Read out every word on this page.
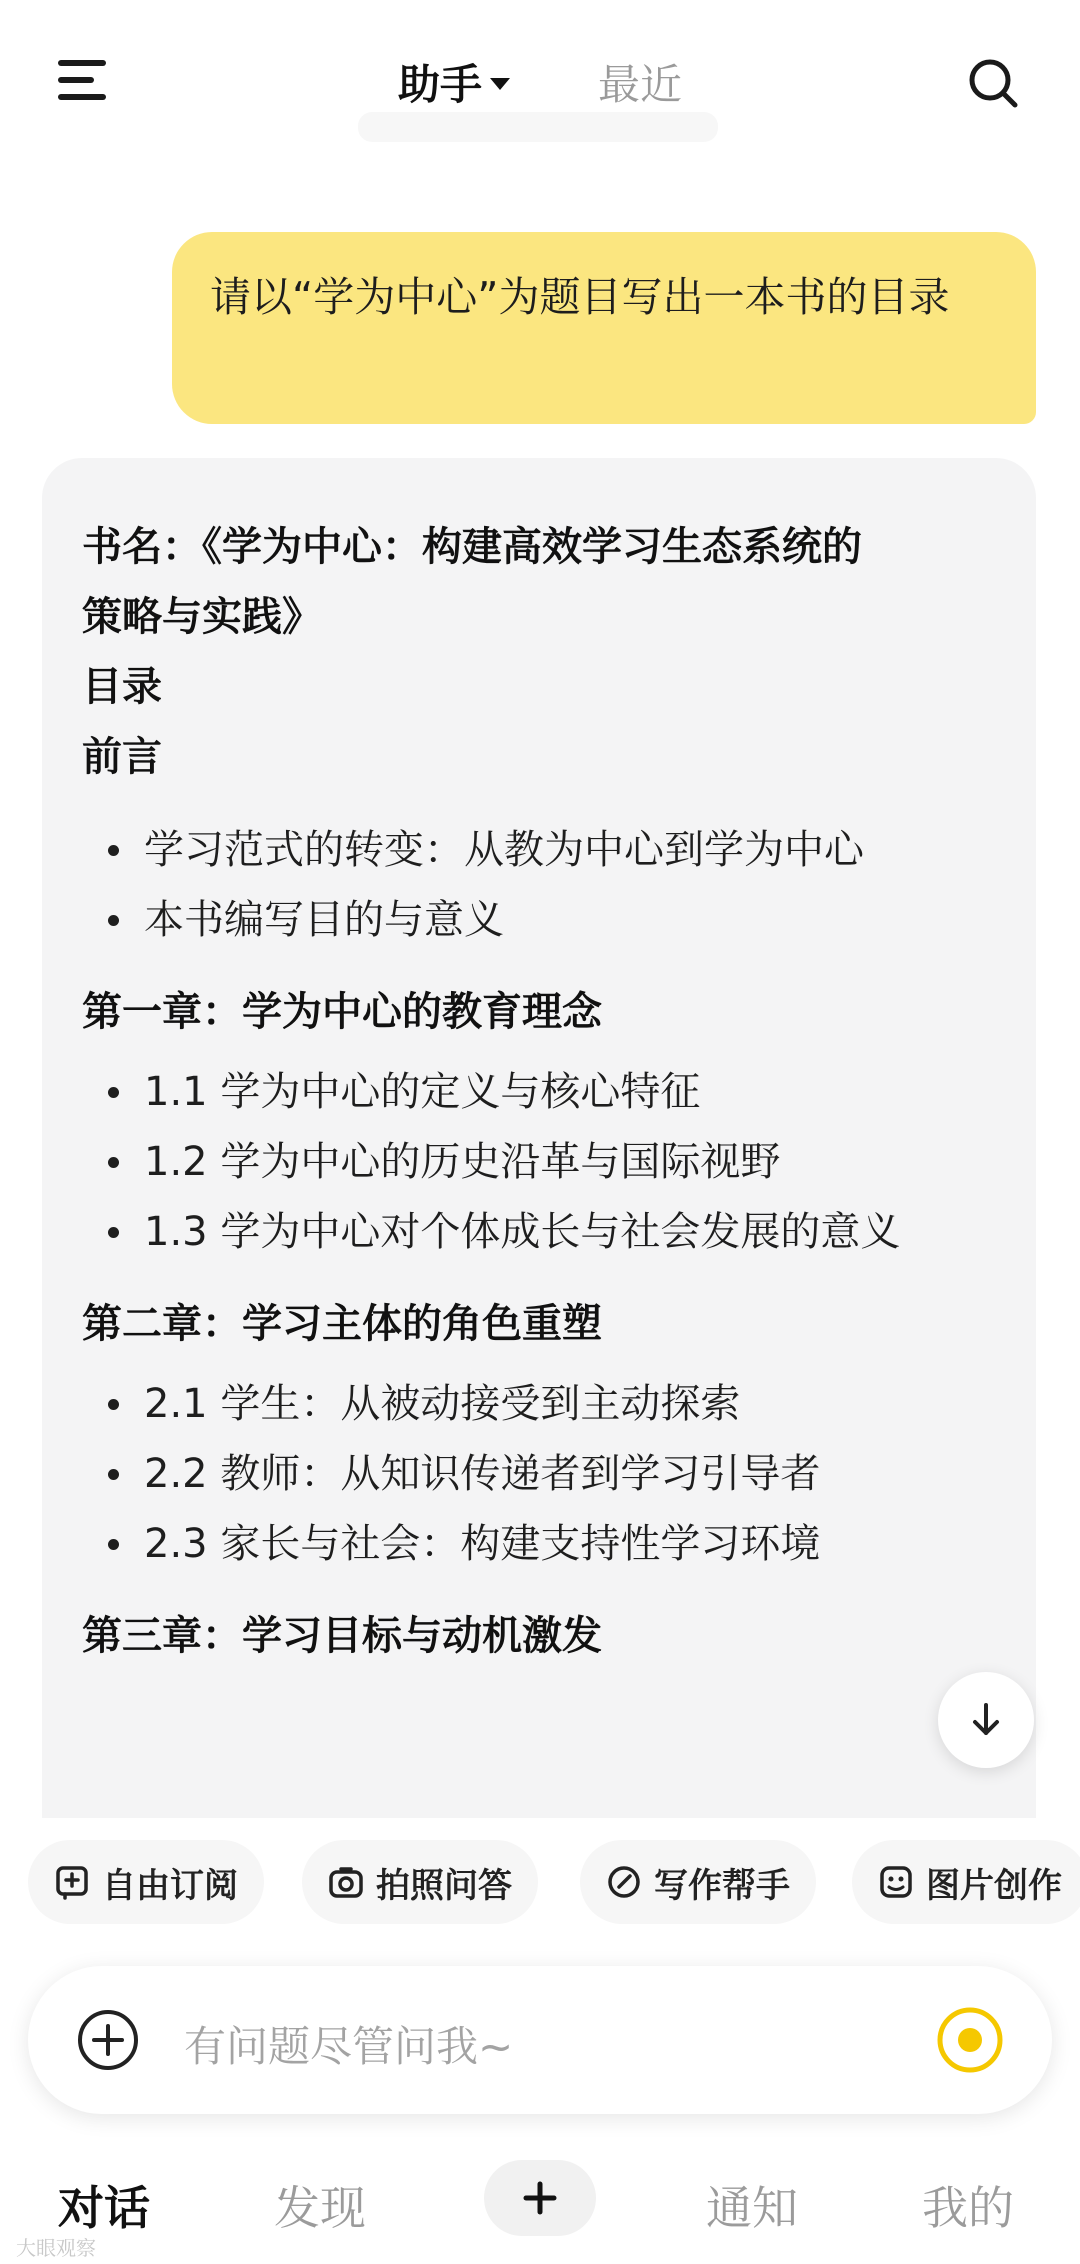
助手	最近
请以“学为中心”为题目写出一本书的目录
书名：《学为中心：构建高效学习生态系统的
策略与实践》
目录
前言
学习范式的转变：从教为中心到学为中心
本书编写目的与意义
第一章：学为中心的教育理念
1.1 学为中心的定义与核心特征
1.2 学为中心的历史沿革与国际视野
1.3 学为中心对个体成长与社会发展的意义
第二章：学习主体的角色重塑
2.1 学生：从被动接受到主动探索
2.2 教师：从知识传递者到学习引导者
2.3 家长与社会：构建支持性学习环境
第三章：学习目标与动机激发
自由订阅	拍照问答	写作帮手	图片创作
有问题尽管问我~
对话	发现	通知	我的
大眼观察
